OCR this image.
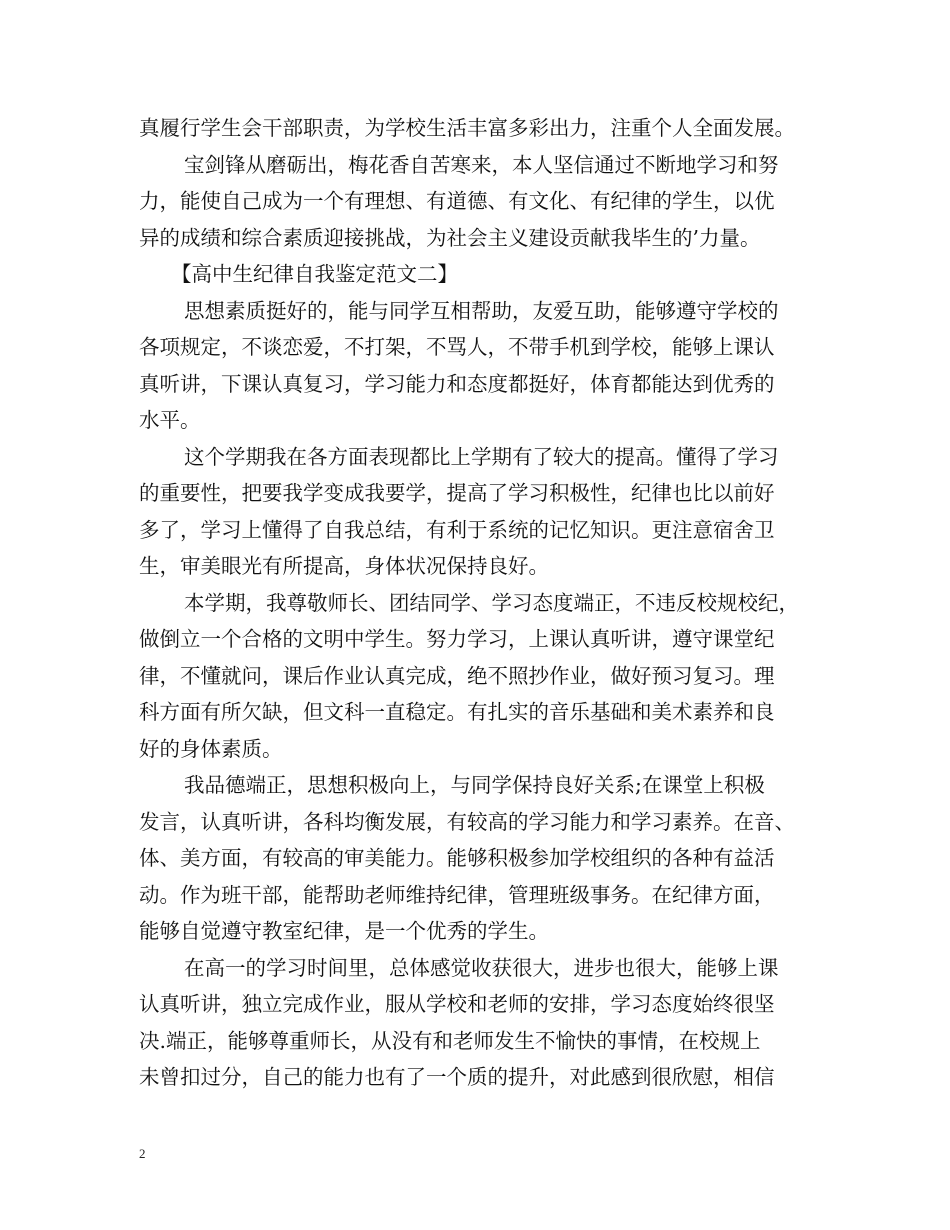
真履行学生会干部职责，为学校生活丰富多彩出力，注重个人全面发展。
宝剑锋从磨砺出，梅花香自苦寒来，本人坚信通过不断地学习和努
力，能使自己成为一个有理想、有道德、有文化、有纪律的学生，以优
异的成绩和综合素质迎接挑战，为社会主义建设贡献我毕生的’力量。
【高中生纪律自我鉴定范文二】
思想素质挺好的，能与同学互相帮助，友爱互助，能够遵守学校的
各项规定，不谈恋爱，不打架，不骂人，不带手机到学校，能够上课认
真听讲，下课认真复习，学习能力和态度都挺好，体育都能达到优秀的
水平。
这个学期我在各方面表现都比上学期有了较大的提高。懂得了学习
的重要性，把要我学变成我要学，提高了学习积极性，纪律也比以前好
多了，学习上懂得了自我总结，有利于系统的记忆知识。更注意宿舍卫
生，审美眼光有所提高，身体状况保持良好。
本学期，我尊敬师长、团结同学、学习态度端正，不违反校规校纪，
做倒立一个合格的文明中学生。努力学习，上课认真听讲，遵守课堂纪
律，不懂就问，课后作业认真完成，绝不照抄作业，做好预习复习。理
科方面有所欠缺，但文科一直稳定。有扎实的音乐基础和美术素养和良
好的身体素质。
我品德端正，思想积极向上，与同学保持良好关系;在课堂上积极
发言，认真听讲，各科均衡发展，有较高的学习能力和学习素养。在音、
体、美方面，有较高的审美能力。能够积极参加学校组织的各种有益活
动。作为班干部，能帮助老师维持纪律，管理班级事务。在纪律方面，
能够自觉遵守教室纪律，是一个优秀的学生。
在高一的学习时间里，总体感觉收获很大，进步也很大，能够上课
认真听讲，独立完成作业，服从学校和老师的安排，学习态度始终很坚
决.端正，能够尊重师长，从没有和老师发生不愉快的事情，在校规上
未曾扣过分，自己的能力也有了一个质的提升，对此感到很欣慰，相信
2
